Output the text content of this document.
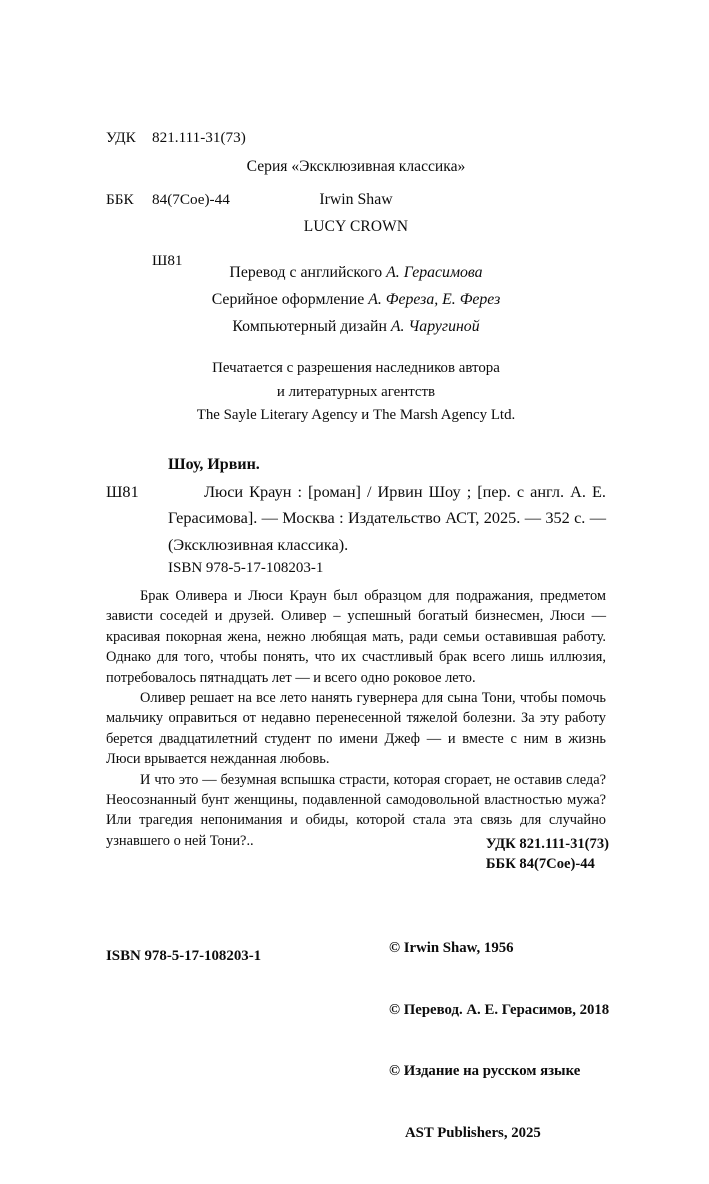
УДК 821.111-31(73)

ББК 84(7Сое)-44

Ш81

Серия «Эксклюзивная классика»
Irwin Shaw
LUCY CROWN
Перевод с английского А. Герасимова
Серийное оформление А. Фереза, Е. Ферез
Компьютерный дизайн А. Чаругиной
Печатается с разрешения наследников автора
и литературных агентств
The Sayle Literary Agency и The Marsh Agency Ltd.
Шоу, Ирвин.
Ш81	Люси Краун : [роман] / Ирвин Шоу ; [пер. с англ. А. Е. Герасимова]. — Москва : Издательство АСТ, 2025. — 352 с. — (Эксклюзивная классика).
ISBN 978-5-17-108203-1

Брак Оливера и Люси Краун был образцом для подражания, предметом зависти соседей и друзей. Оливер – успешный богатый бизнесмен, Люси — красивая покорная жена, нежно любящая мать, ради семьи оставившая работу. Однако для того, чтобы понять, что их счастливый брак всего лишь иллюзия, потребовалось пятнадцать лет — и всего одно роковое лето.

Оливер решает на все лето нанять гувернера для сына Тони, чтобы помочь мальчику оправиться от недавно перенесенной тяжелой болезни. За эту работу берется двадцатилетний студент по имени Джеф — и вместе с ним в жизнь Люси врывается нежданная любовь.

И что это — безумная вспышка страсти, которая сгорает, не оставив следа? Неосознанный бунт женщины, подавленной самодовольной властностью мужа? Или трагедия непонимания и обиды, которой стала эта связь для случайно узнавшего о ней Тони?..	УДК 821.111-31(73)
ББК 84(7Сое)-44

© Irwin Shaw, 1956

© Перевод. А. Е. Герасимов, 2018

© Издание на русском языке

AST Publishers, 2025

ISBN 978-5-17-108203-1
